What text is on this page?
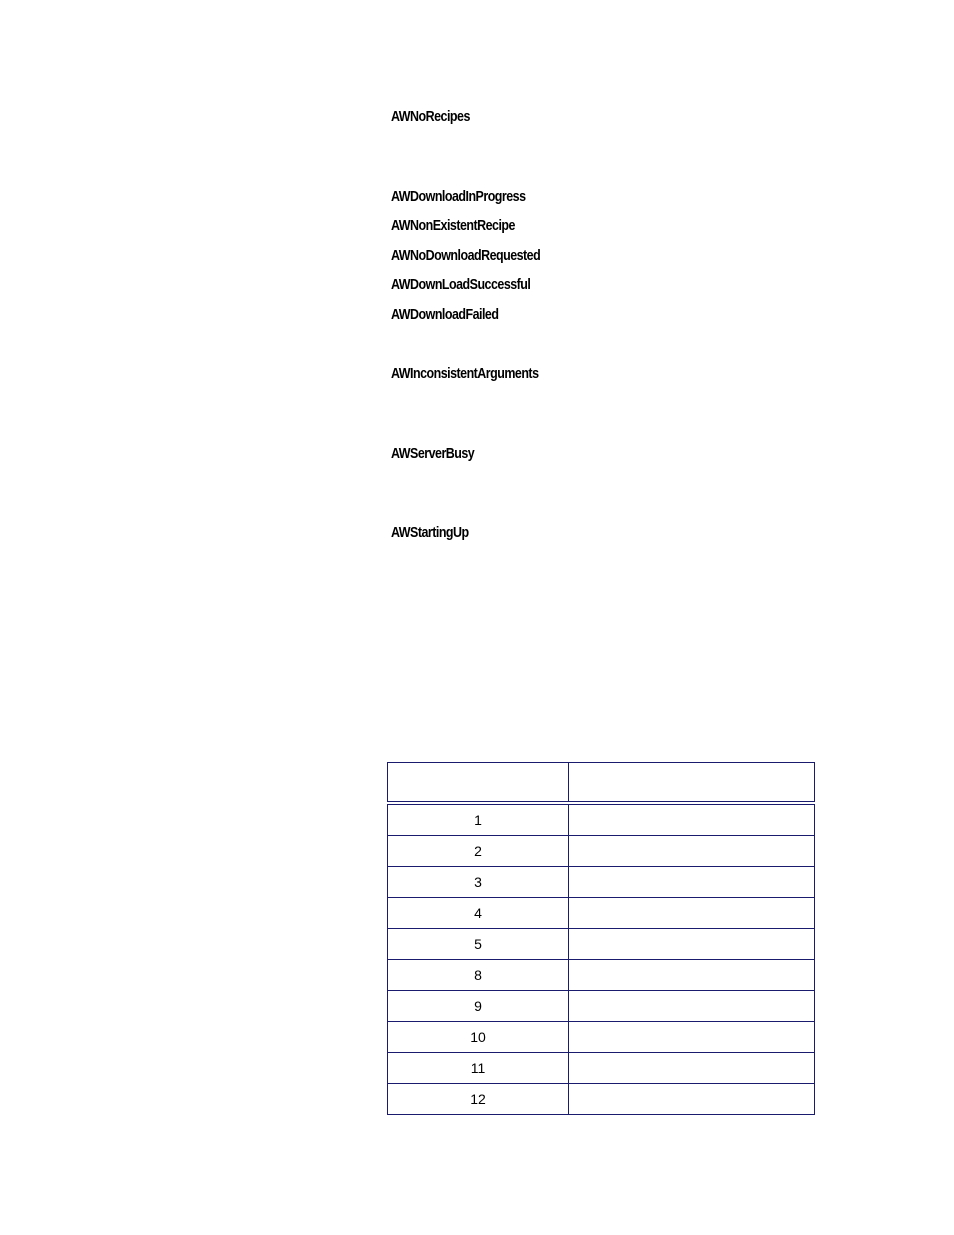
AWNoRecipes
AWDownloadInProgress
AWNonExistentRecipe
AWNoDownloadRequested
AWDownLoadSuccessful
AWDownloadFailed
AWInconsistentArguments
AWServerBusy
AWStartingUp

1	
2	
3	
4	
5	
8	
9	
10	
11	
12	
